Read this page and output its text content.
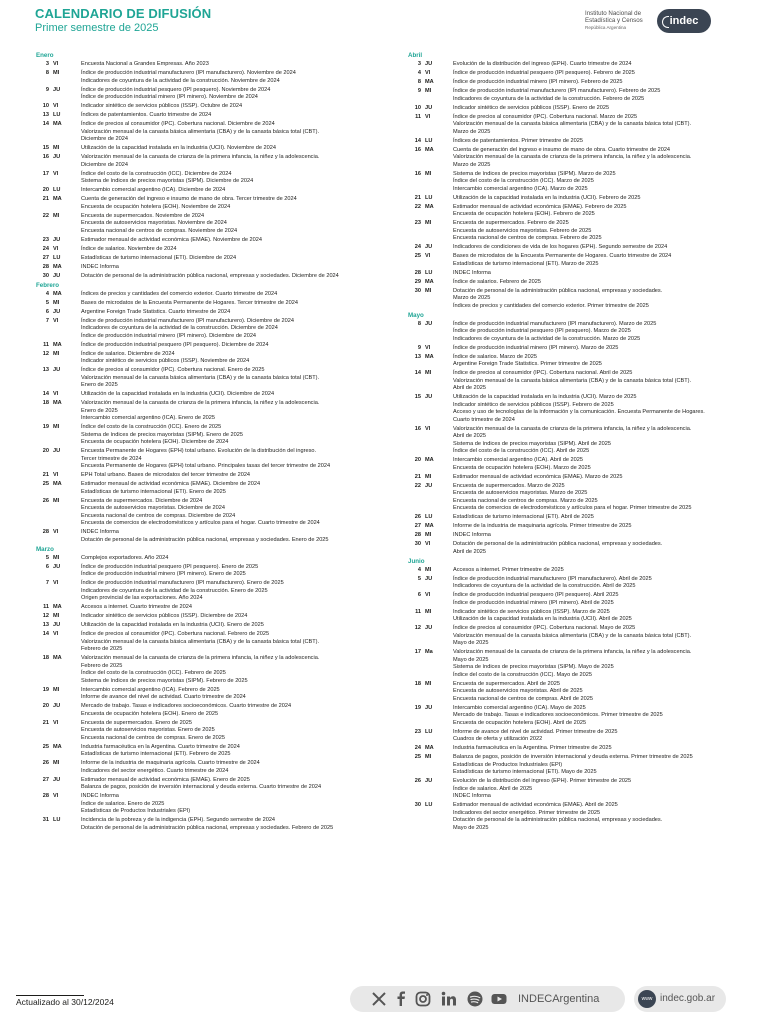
CALENDARIO DE DIFUSIÓN
Primer semestre de 2025
Instituto Nacional de
Estadística y Censos
República Argentina
indec
Enero
3 VI	Encuesta Nacional a Grandes Empresas. Año 2023
8 MI	Índice de producción industrial manufacturero (IPI manufacturero). Noviembre de 2024
Indicadores de coyuntura de la actividad de la construcción. Noviembre de 2024
9 JU	Índice de producción industrial pesquero (IPI pesquero). Noviembre de 2024
Índice de producción industrial minero (IPI minero). Noviembre de 2024
10 VI	Indicador sintético de servicios públicos (ISSP). Octubre de 2024
13 LU	Índices de patentamientos. Cuarto trimestre de 2024
14 MA	Índice de precios al consumidor (IPC). Cobertura nacional. Diciembre de 2024
Valorización mensual de la canasta básica alimentaria (CBA) y de la canasta básica total (CBT).
Diciembre de 2024
15 MI	Utilización de la capacidad instalada en la industria (UCII). Noviembre de 2024
16 JU	Valorización mensual de la canasta de crianza de la primera infancia, la niñez y la adolescencia.
Diciembre de 2024
17 VI	Índice del costo de la construcción (ICC). Diciembre de 2024
Sistema de índices de precios mayoristas (SIPM). Diciembre de 2024
20 LU	Intercambio comercial argentino (ICA). Diciembre de 2024
21 MA	Cuenta de generación del ingreso e insumo de mano de obra. Tercer trimestre de 2024
Encuesta de ocupación hotelera (EOH). Noviembre de 2024
22 MI	Encuesta de supermercados. Noviembre de 2024
Encuesta de autoservicios mayoristas. Noviembre de 2024
Encuesta nacional de centros de compras. Noviembre de 2024
23 JU	Estimador mensual de actividad económica (EMAE). Noviembre de 2024
24 VI	Índice de salarios. Noviembre de 2024
27 LU	Estadísticas de turismo internacional (ETI). Diciembre de 2024
28 MA	INDEC Informa
30 JU	Dotación de personal de la administración pública nacional, empresas y sociedades. Diciembre de 2024
Febrero
4 MA	Índices de precios y cantidades del comercio exterior. Cuarto trimestre de 2024
5 MI	Bases de microdatos de la Encuesta Permanente de Hogares. Tercer trimestre de 2024
6 JU	Argentine Foreign Trade Statistics. Cuarto trimestre de 2024
7 VI	Índice de producción industrial manufacturero (IPI manufacturero). Diciembre de 2024
Indicadores de coyuntura de la actividad de la construcción. Diciembre de 2024
Índice de producción industrial minero (IPI minero). Diciembre de 2024
11 MA	Índice de producción industrial pesquero (IPI pesquero). Diciembre de 2024
12 MI	Índice de salarios. Diciembre de 2024
Indicador sintético de servicios públicos (ISSP). Noviembre de 2024
13 JU	Índice de precios al consumidor (IPC). Cobertura nacional. Enero de 2025
Valorización mensual de la canasta básica alimentaria (CBA) y de la canasta básica total (CBT).
Enero de 2025
14 VI	Utilización de la capacidad instalada en la industria (UCII). Diciembre de 2024
18 MA	Valorización mensual de la canasta de crianza de la primera infancia, la niñez y la adolescencia.
Enero de 2025
Intercambio comercial argentino (ICA). Enero de 2025
19 MI	Índice del costo de la construcción (ICC). Enero de 2025
Sistema de índices de precios mayoristas (SIPM). Enero de 2025
Encuesta de ocupación hotelera (EOH). Diciembre de 2024
20 JU	Encuesta Permanente de Hogares (EPH) total urbano. Evolución de la distribución del ingreso.
Tercer trimestre de 2024
Encuesta Permanente de Hogares (EPH) total urbano. Principales tasas del tercer trimestre de 2024
21 VI	EPH Total urbano. Bases de microdatos del tercer trimestre de 2024
25 MA	Estimador mensual de actividad económica (EMAE). Diciembre de 2024
Estadísticas de turismo internacional (ETI). Enero de 2025
26 MI	Encuesta de supermercados. Diciembre de 2024
Encuesta de autoservicios mayoristas. Diciembre de 2024
Encuesta nacional de centros de compras. Diciembre de 2024
Encuesta de comercios de electrodomésticos y artículos para el hogar. Cuarto trimestre de 2024
28 VI	INDEC Informa
Dotación de personal de la administración pública nacional, empresas y sociedades. Enero de 2025
Marzo
5 MI	Complejos exportadores. Año 2024
6 JU	Índice de producción industrial pesquero (IPI pesquero). Enero de 2025
Índice de producción industrial minero (IPI minero). Enero de 2025
7 VI	Índice de producción industrial manufacturero (IPI manufacturero). Enero de 2025
Indicadores de coyuntura de la actividad de la construcción. Enero de 2025
Origen provincial de las exportaciones. Año 2024
11 MA	Accesos a internet. Cuarto trimestre de 2024
12 MI	Indicador sintético de servicios públicos (ISSP). Diciembre de 2024
13 JU	Utilización de la capacidad instalada en la industria (UCII). Enero de 2025
14 VI	Índice de precios al consumidor (IPC). Cobertura nacional. Febrero de 2025
Valorización mensual de la canasta básica alimentaria (CBA) y de la canasta básica total (CBT).
Febrero de 2025
18 MA	Valorización mensual de la canasta de crianza de la primera infancia, la niñez y la adolescencia.
Febrero de 2025
Índice del costo de la construcción (ICC). Febrero de 2025
Sistema de índices de precios mayoristas (SIPM). Febrero de 2025
19 MI	Intercambio comercial argentino (ICA). Febrero de 2025
Informe de avance del nivel de actividad. Cuarto trimestre de 2024
20 JU	Mercado de trabajo. Tasas e indicadores socioeconómicos. Cuarto trimestre de 2024
Encuesta de ocupación hotelera (EOH). Enero de 2025
21 VI	Encuesta de supermercados. Enero de 2025
Encuesta de autoservicios mayoristas. Enero de 2025
Encuesta nacional de centros de compras. Enero de 2025
25 MA	Industria farmacéutica en la Argentina. Cuarto trimestre de 2024
Estadísticas de turismo internacional (ETI). Febrero de 2025
26 MI	Informe de la industria de maquinaria agrícola. Cuarto trimestre de 2024
Indicadores del sector energético. Cuarto trimestre de 2024
27 JU	Estimador mensual de actividad económica (EMAE). Enero de 2025
Balanza de pagos, posición de inversión internacional y deuda externa. Cuarto trimestre de 2024
28 VI	INDEC Informa
Índice de salarios. Enero de 2025
Estadísticas de Productos Industriales (EPI)
31 LU	Incidencia de la pobreza y de la indigencia (EPH). Segundo semestre de 2024
Dotación de personal de la administración pública nacional, empresas y sociedades. Febrero de 2025
Abril
3 JU	Evolución de la distribución del ingreso (EPH). Cuarto trimestre de 2024
4 VI	Índice de producción industrial pesquero (IPI pesquero). Febrero de 2025
8 MA	Índice de producción industrial minero (IPI minero). Febrero de 2025
9 MI	Índice de producción industrial manufacturero (IPI manufacturero). Febrero de 2025
Indicadores de coyuntura de la actividad de la construcción. Febrero de 2025
10 JU	Indicador sintético de servicios públicos (ISSP). Enero de 2025
11 VI	Índice de precios al consumidor (IPC). Cobertura nacional. Marzo de 2025
Valorización mensual de la canasta básica alimentaria (CBA) y de la canasta básica total (CBT).
Marzo de 2025
14 LU	Índices de patentamientos. Primer trimestre de 2025
16 MA	Cuenta de generación del ingreso e insumo de mano de obra. Cuarto trimestre de 2024
Valorización mensual de la canasta de crianza de la primera infancia, la niñez y la adolescencia.
Marzo de 2025
16 MI	Sistema de índices de precios mayoristas (SIPM). Marzo de 2025
Índice del costo de la construcción (ICC). Marzo de 2025
Intercambio comercial argentino (ICA). Marzo de 2025
21 LU	Utilización de la capacidad instalada en la industria (UCII). Febrero de 2025
22 MA	Estimador mensual de actividad económica (EMAE). Febrero de 2025
Encuesta de ocupación hotelera (EOH). Febrero de 2025
23 MI	Encuesta de supermercados. Febrero de 2025
Encuesta de autoservicios mayoristas. Febrero de 2025
Encuesta nacional de centros de compras. Febrero de 2025
24 JU	Indicadores de condiciones de vida de los hogares (EPH). Segundo semestre de 2024
25 VI	Bases de microdatos de la Encuesta Permanente de Hogares. Cuarto trimestre de 2024
Estadísticas de turismo internacional (ETI). Marzo de 2025
28 LU	INDEC Informa
29 MA	Índice de salarios. Febrero de 2025
30 MI	Dotación de personal de la administración pública nacional, empresas y sociedades.
Marzo de 2025
Índices de precios y cantidades del comercio exterior. Primer trimestre de 2025
Mayo
8 JU	Índice de producción industrial manufacturero (IPI manufacturero). Marzo de 2025
Índice de producción industrial pesquero (IPI pesquero). Marzo de 2025
Indicadores de coyuntura de la actividad de la construcción. Marzo de 2025
9 VI	Índice de producción industrial minero (IPI minero). Marzo de 2025
13 MA	Índice de salarios. Marzo de 2025
Argentine Foreign Trade Statistics. Primer trimestre de 2025
14 MI	Índice de precios al consumidor (IPC). Cobertura nacional. Abril de 2025
Valorización mensual de la canasta básica alimentaria (CBA) y de la canasta básica total (CBT).
Abril de 2025
15 JU	Utilización de la capacidad instalada en la industria (UCII). Marzo de 2025
Indicador sintético de servicios públicos (ISSP). Febrero de 2025
Acceso y uso de tecnologías de la información y la comunicación. Encuesta Permanente de Hogares.
Cuarto trimestre de 2024
16 VI	Valorización mensual de la canasta de crianza de la primera infancia, la niñez y la adolescencia.
Abril de 2025
Sistema de índices de precios mayoristas (SIPM). Abril de 2025
Índice del costo de la construcción (ICC). Abril de 2025
20 MA	Intercambio comercial argentino (ICA). Abril de 2025
Encuesta de ocupación hotelera (EOH). Marzo de 2025
21 MI	Estimador mensual de actividad económica (EMAE). Marzo de 2025
22 JU	Encuesta de supermercados. Marzo de 2025
Encuesta de autoservicios mayoristas. Marzo de 2025
Encuesta nacional de centros de compras. Marzo de 2025
Encuesta de comercios de electrodomésticos y artículos para el hogar. Primer trimestre de 2025
26 LU	Estadísticas de turismo internacional (ETI). Abril de 2025
27 MA	Informe de la industria de maquinaria agrícola. Primer trimestre de 2025
28 MI	INDEC Informa
30 VI	Dotación de personal de la administración pública nacional, empresas y sociedades.
Abril de 2025
Junio
4 MI	Accesos a internet. Primer trimestre de 2025
5 JU	Índice de producción industrial manufacturero (IPI manufacturero). Abril de 2025
Indicadores de coyuntura de la actividad de la construcción. Abril de 2025
6 VI	Índice de producción industrial pesquero (IPI pesquero). Abril 2025
Índice de producción industrial minero (IPI minero). Abril de 2025
11 MI	Indicador sintético de servicios públicos (ISSP). Marzo de 2025
Utilización de la capacidad instalada en la industria (UCII). Abril de 2025
12 JU	Índice de precios al consumidor (IPC). Cobertura nacional. Mayo de 2025
Valorización mensual de la canasta básica alimentaria (CBA) y de la canasta básica total (CBT).
Mayo de 2025
17 Ma	Valorización mensual de la canasta de crianza de la primera infancia, la niñez y la adolescencia.
Mayo de 2025
Sistema de índices de precios mayoristas (SIPM). Mayo de 2025
Índice del costo de la construcción (ICC). Mayo de 2025
18 MI	Encuesta de supermercados. Abril de 2025
Encuesta de autoservicios mayoristas. Abril de 2025
Encuesta nacional de centros de compras. Abril de 2025
19 JU	Intercambio comercial argentino (ICA). Mayo de 2025
Mercado de trabajo. Tasas e indicadores socioeconómicos. Primer trimestre de 2025
Encuesta de ocupación hotelera (EOH). Abril de 2025
23 LU	Informe de avance del nivel de actividad. Primer trimestre de 2025
Cuadros de oferta y utilización 2022
24 MA	Industria farmacéutica en la Argentina. Primer trimestre de 2025
25 MI	Balanza de pagos, posición de inversión internacional y deuda externa. Primer trimestre de 2025
Estadísticas de Productos Industriales (EPI)
Estadísticas de turismo internacional (ETI). Mayo de 2025
26 JU	Evolución de la distribución del ingreso (EPH). Primer trimestre de 2025
Índice de salarios. Abril de 2025
INDEC Informa
30 LU	Estimador mensual de actividad económica (EMAE). Abril de 2025
Indicadores del sector energético. Primer trimestre de 2025
Dotación de personal de la administración pública nacional, empresas y sociedades.
Mayo de 2025
Actualizado al 30/12/2024	INDECArgentina	www indec.gob.ar
